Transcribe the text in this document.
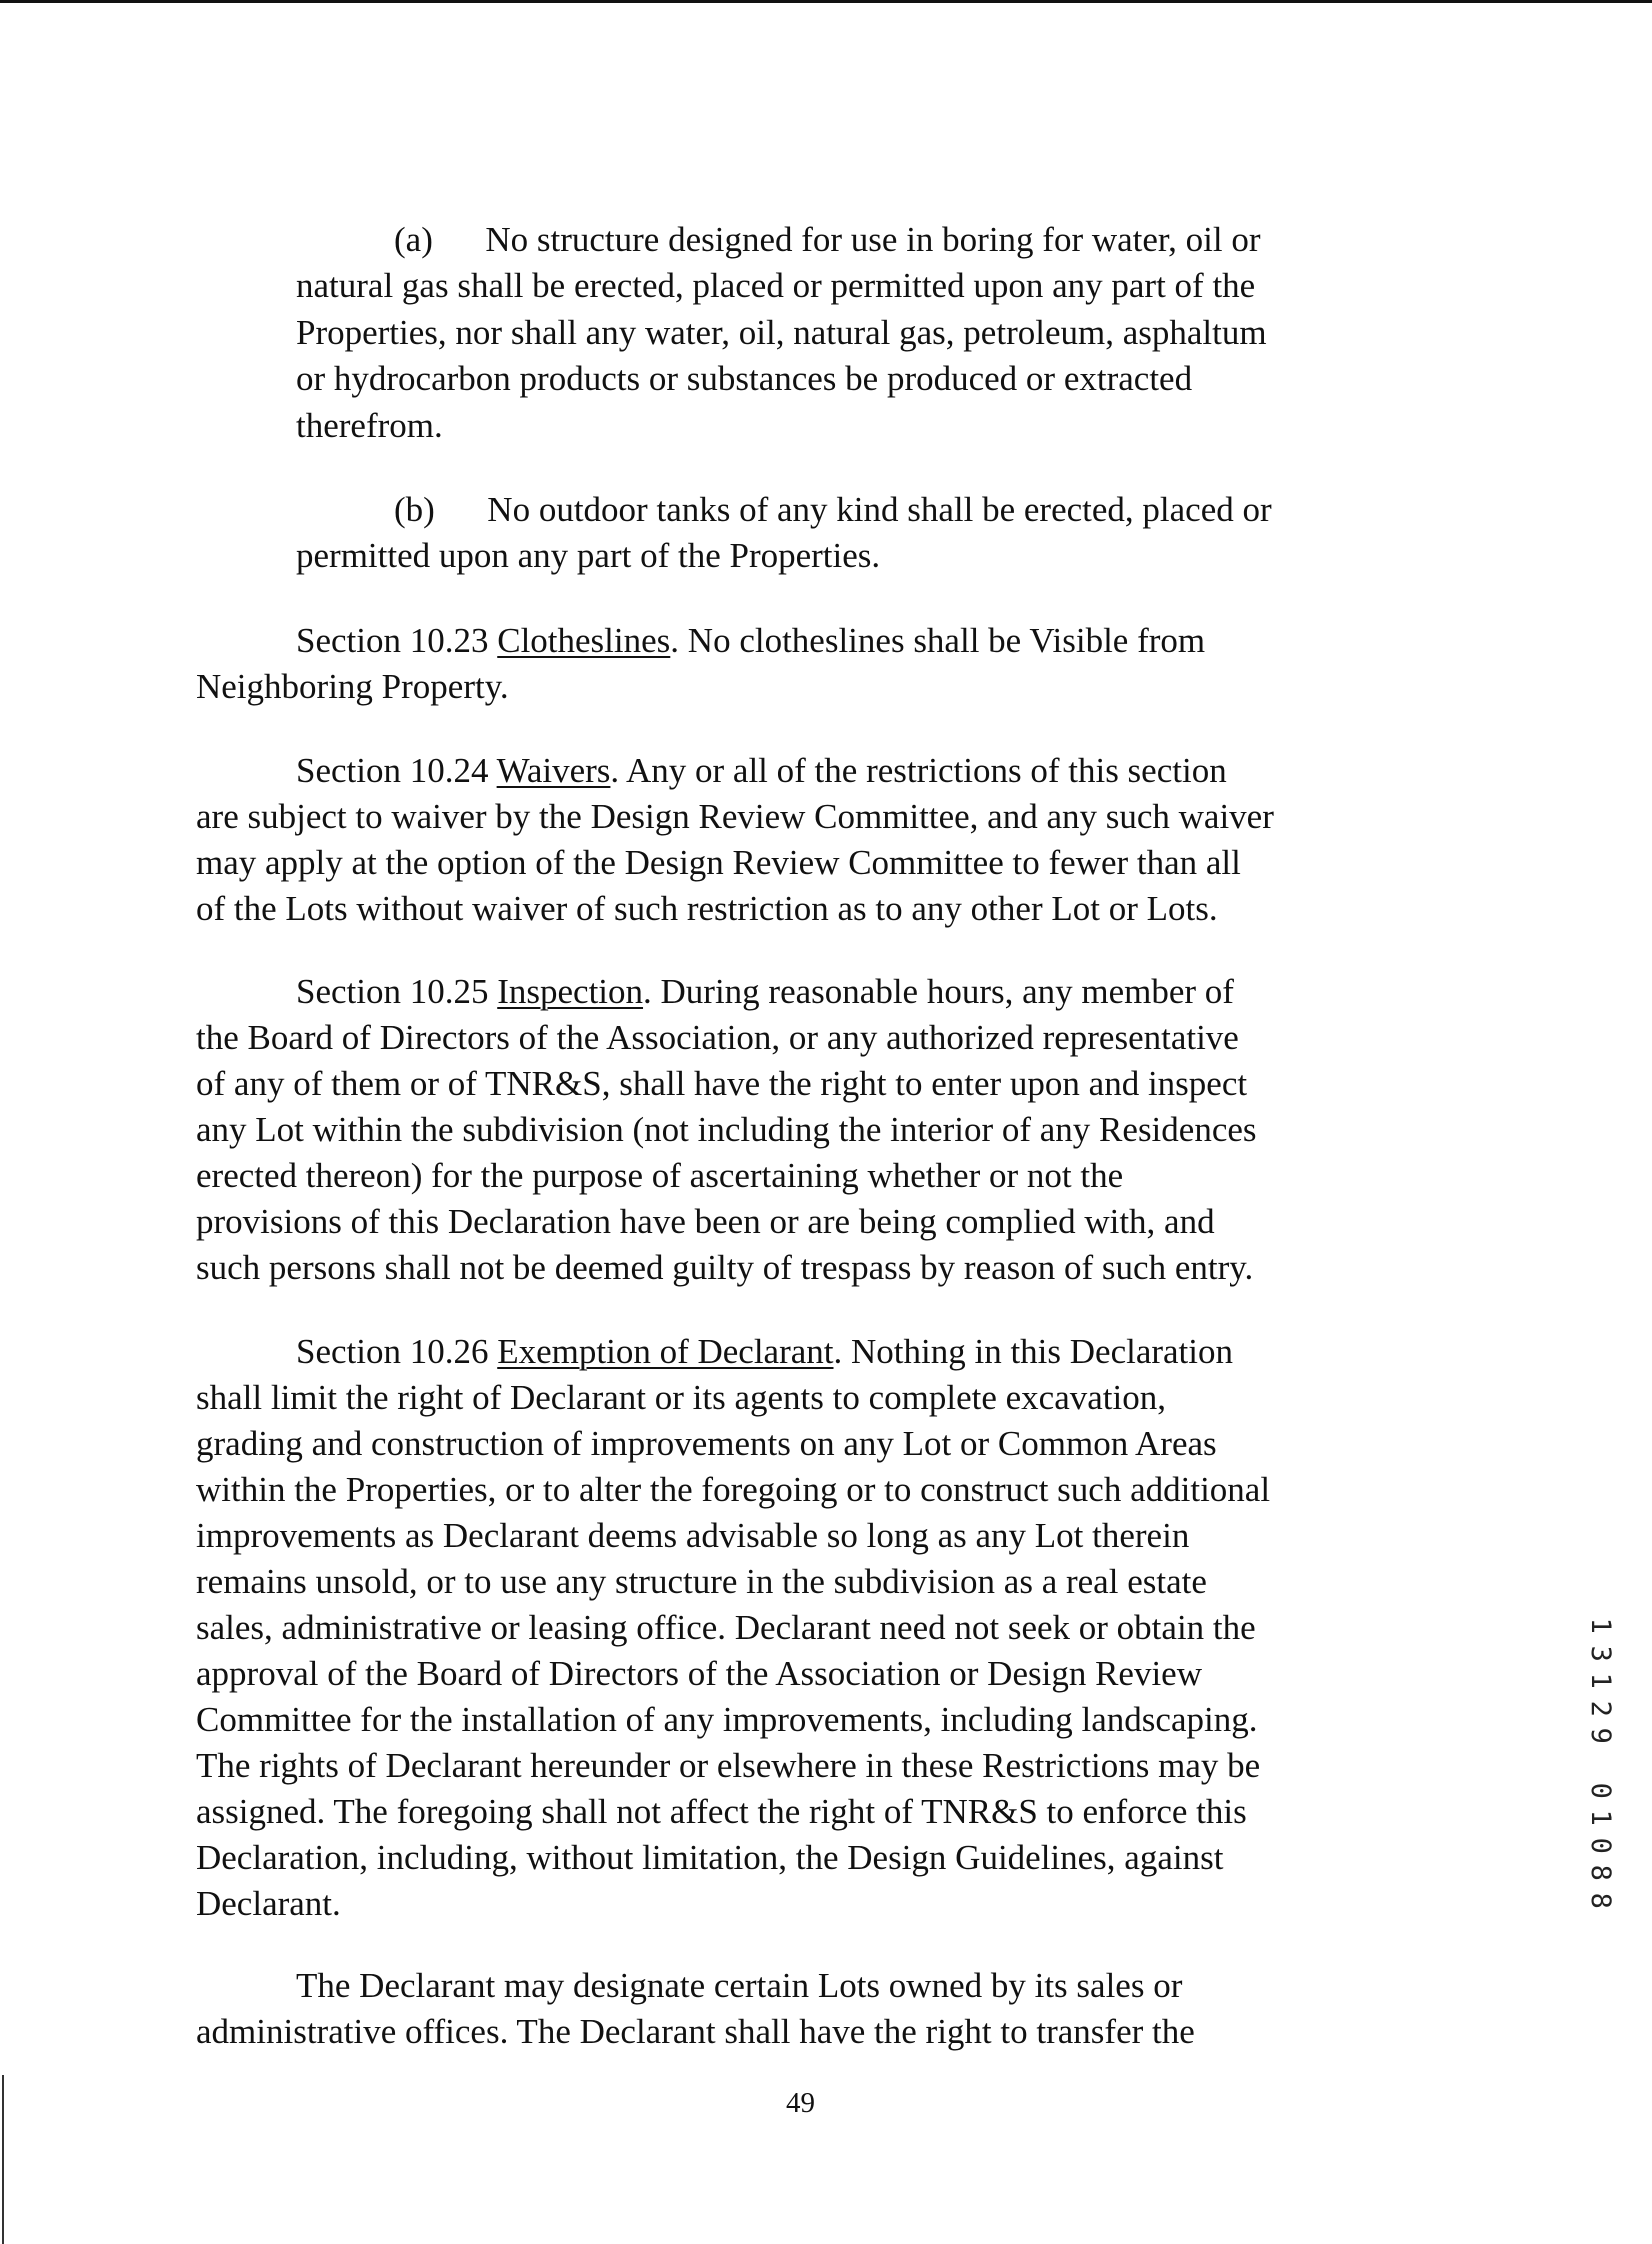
(a)  No structure designed for use in boring for water, oil or
natural gas shall be erected, placed or permitted upon any part of the
Properties, nor shall any water, oil, natural gas, petroleum, asphaltum
or hydrocarbon products or substances be produced or extracted
therefrom.
(b)  No outdoor tanks of any kind shall be erected, placed or
permitted upon any part of the Properties.
Section 10.23 Clotheslines. No clotheslines shall be Visible from
Neighboring Property.
Section 10.24 Waivers. Any or all of the restrictions of this section
are subject to waiver by the Design Review Committee, and any such waiver
may apply at the option of the Design Review Committee to fewer than all
of the Lots without waiver of such restriction as to any other Lot or Lots.
Section 10.25 Inspection. During reasonable hours, any member of
the Board of Directors of the Association, or any authorized representative
of any of them or of TNR&S, shall have the right to enter upon and inspect
any Lot within the subdivision (not including the interior of any Residences
erected thereon) for the purpose of ascertaining whether or not the
provisions of this Declaration have been or are being complied with, and
such persons shall not be deemed guilty of trespass by reason of such entry.
Section 10.26 Exemption of Declarant. Nothing in this Declaration
shall limit the right of Declarant or its agents to complete excavation,
grading and construction of improvements on any Lot or Common Areas
within the Properties, or to alter the foregoing or to construct such additional
improvements as Declarant deems advisable so long as any Lot therein
remains unsold, or to use any structure in the subdivision as a real estate
sales, administrative or leasing office. Declarant need not seek or obtain the
approval of the Board of Directors of the Association or Design Review
Committee for the installation of any improvements, including landscaping.
The rights of Declarant hereunder or elsewhere in these Restrictions may be
assigned. The foregoing shall not affect the right of TNR&S to enforce this
Declaration, including, without limitation, the Design Guidelines, against
Declarant.
The Declarant may designate certain Lots owned by its sales or
administrative offices. The Declarant shall have the right to transfer the
49
1
3
1
2
9
0
1
0
8
8
